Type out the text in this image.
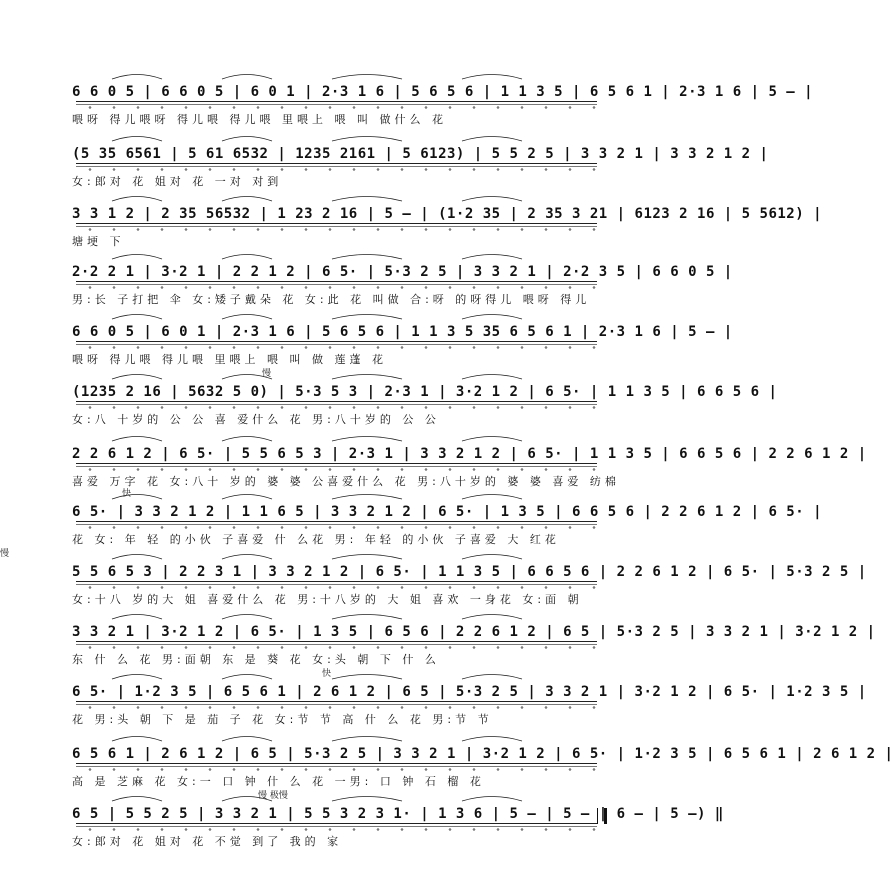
6 6 0 5 | 6 6 0 5 | 6 0 1 | 2·3 1 6 | 5 6 5 6 | 1 1 3 5 | 6 5 6 1 | 2·3 1 6 | 5 — |
喂呀 得儿喂呀 得儿喂 得儿喂 里喂上 喂 叫 做什么 花
(5 35 6561 | 5 61 6532 | 1235 2161 | 5 6123) | 5 5 2 5 | 3 3 2 1 | 3 3 2 1 2 |
女:郎对 花 姐对 花 一对 对到
3 3 1 2 | 2 35 56532 | 1 23 2 16 | 5 — | (1·2 35 | 2 35 3 21 | 6123 2 16 | 5 5612) |
塘埂 下
2·2 2 1 | 3·2 1 | 2 2 1 2 | 6 5· | 5·3 2 5 | 3 3 2 1 | 2·2 3 5 | 6 6 0 5 |
男:长 子打把 伞 女:矮子戴朵 花 女:此 花 叫做 合:呀 的呀得儿 喂呀 得儿
6 6 0 5 | 6 0 1 | 2·3 1 6 | 5 6 5 6 | 1 1 3 5 35 6 5 6 1 | 2·3 1 6 | 5 — |
喂呀 得儿喂 得儿喂 里喂上 喂 叫 做 莲蓬 花
慢
(1235 2 16 | 5632 5 0) | 5·3 5 3 | 2·3 1 | 3·2 1 2 | 6 5· | 1 1 3 5 | 6 6 5 6 |
女:八 十岁的 公 公 喜 爱什么 花 男:八十岁的 公 公
2 2 6 1 2 | 6 5· | 5 5 6 5 3 | 2·3 1 | 3 3 2 1 2 | 6 5· | 1 1 3 5 | 6 6 5 6 | 2 2 6 1 2 |
喜爱 万字 花 女:八十 岁的 婆 婆 公喜爱什么 花 男:八十岁的 婆 婆 喜爱 纺棉
快
6 5· | 3 3 2 1 2 | 1 1 6 5 | 3 3 2 1 2 | 6 5· | 1 3 5 | 6 6 5 6 | 2 2 6 1 2 | 6 5· |
花 女: 年 轻 的小伙 子喜爱 什 么花 男: 年轻 的小伙 子喜爱 大 红花
慢
5 5 6 5 3 | 2 2 3 1 | 3 3 2 1 2 | 6 5· | 1 1 3 5 | 6 6 5 6 | 2 2 6 1 2 | 6 5· | 5·3 2 5 |
女:十八 岁的大 姐 喜爱什么 花 男:十八岁的 大 姐 喜欢 一身花 女:面 朝
3 3 2 1 | 3·2 1 2 | 6 5· | 1 3 5 | 6 5 6 | 2 2 6 1 2 | 6 5 | 5·3 2 5 | 3 3 2 1 | 3·2 1 2 |
东 什 么 花 男:面朝 东 是 葵 花 女:头 朝 下 什 么
快
6 5· | 1·2 3 5 | 6 5 6 1 | 2 6 1 2 | 6 5 | 5·3 2 5 | 3 3 2 1 | 3·2 1 2 | 6 5· | 1·2 3 5 |
花 男:头 朝 下 是 茄 子 花 女:节 节 高 什 么 花 男:节 节
6 5 6 1 | 2 6 1 2 | 6 5 | 5·3 2 5 | 3 3 2 1 | 3·2 1 2 | 6 5· | 1·2 3 5 | 6 5 6 1 | 2 6 1 2 |
高 是 芝麻 花 女:一 口 钟 什 么 花 一男: 口 钟 石 榴 花
慢 极慢
6 5 | 5 5 2 5 | 3 3 2 1 | 5 5 3 2 3 1· | 1 3 6 | 5 — | 5 — | 6 — | 5 —) ‖
女:郎对 花 姐对 花 不觉 到了 我的 家
